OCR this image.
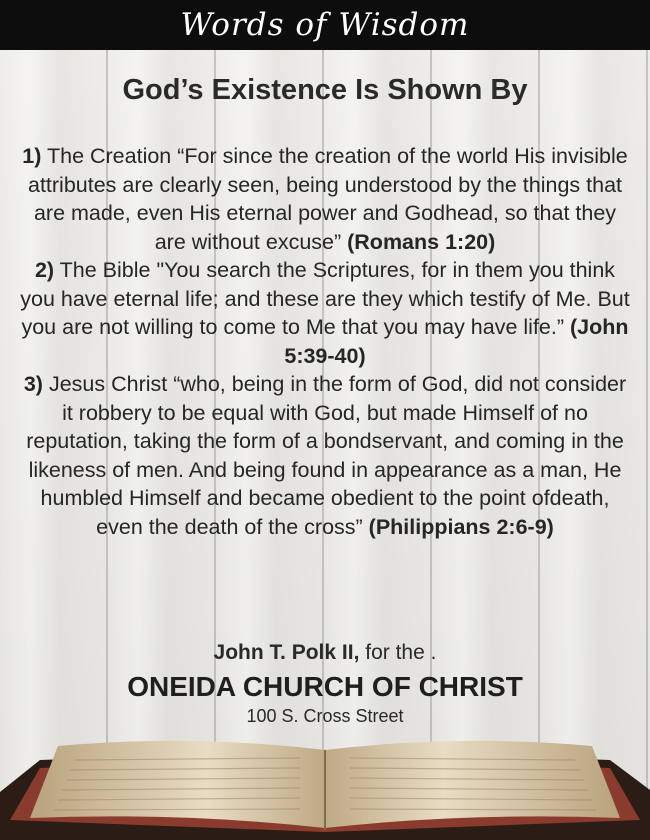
Words of Wisdom
God’s Existence Is Shown By
1) The Creation “For since the creation of the world His invisible attributes are clearly seen, being understood by the things that are made, even His eternal power and Godhead, so that they are without excuse” (Romans 1:20)
2) The Bible "You search the Scriptures, for in them you think you have eternal life; and these are they which testify of Me. But you are not willing to come to Me that you may have life.” (John 5:39-40)
3) Jesus Christ “who, being in the form of God, did not consider it robbery to be equal with God, but made Himself of no reputation, taking the form of a bondservant, and coming in the likeness of men. And being found in appearance as a man, He humbled Himself and became obedient to the point ofdeath, even the death of the cross” (Philippians 2:6-9)
John T. Polk II, for the .
ONEIDA CHURCH OF CHRIST
100 S. Cross Street
